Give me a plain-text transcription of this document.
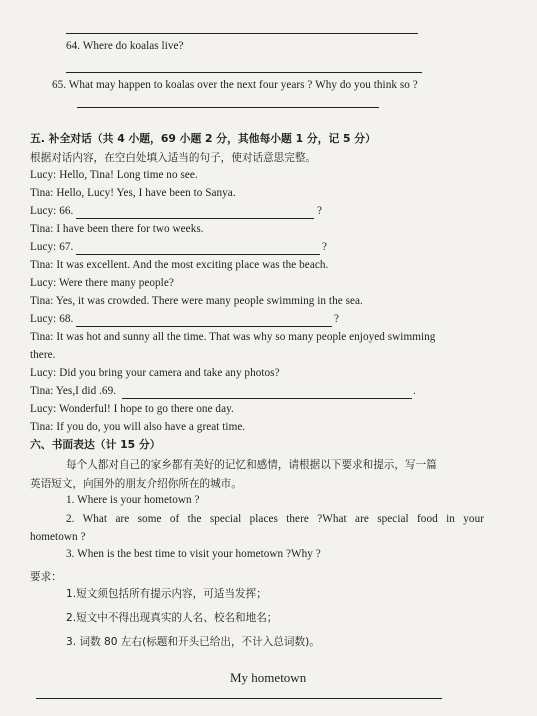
64. Where do koalas live?
65. What may happen to koalas over the next four years ? Why do you think so ?
五. 补全对话（共 4 小题，69 小题 2 分，其他每小题 1 分，记 5 分）
根据对话内容，在空白处填入适当的句子，使对话意思完整。
Lucy: Hello, Tina! Long time no see.
Tina: Hello, Lucy! Yes, I have been to Sanya.
Lucy: 66.	?
Tina: I have been there for two weeks.
Lucy: 67.	?
Tina: It was excellent. And the most exciting place was the beach.
Lucy: Were there many people?
Tina: Yes, it was crowded. There were many people swimming in the sea.
Lucy: 68.	?
Tina: It was hot and sunny all the time. That was why so many people enjoyed swimming
there.
Lucy: Did you bring your camera and take any photos?
Tina: Yes,I did .69.	.
Lucy: Wonderful! I hope to go there one day.
Tina: If you do, you will also have a great time.
六、书面表达（计 15 分）
每个人都对自己的家乡都有美好的记忆和感情，请根据以下要求和提示，写一篇
英语短文，向国外的朋友介绍你所在的城市。
1. Where is your hometown ?
2. What are some of the special places there ?What are special food in your
hometown ?
3. When is the best time to visit your hometown ?Why ?
要求：
1.短文须包括所有提示内容，可适当发挥；
2.短文中不得出现真实的人名、校名和地名；
3. 词数 80 左右(标题和开头已给出，不计入总词数)。
My hometown
